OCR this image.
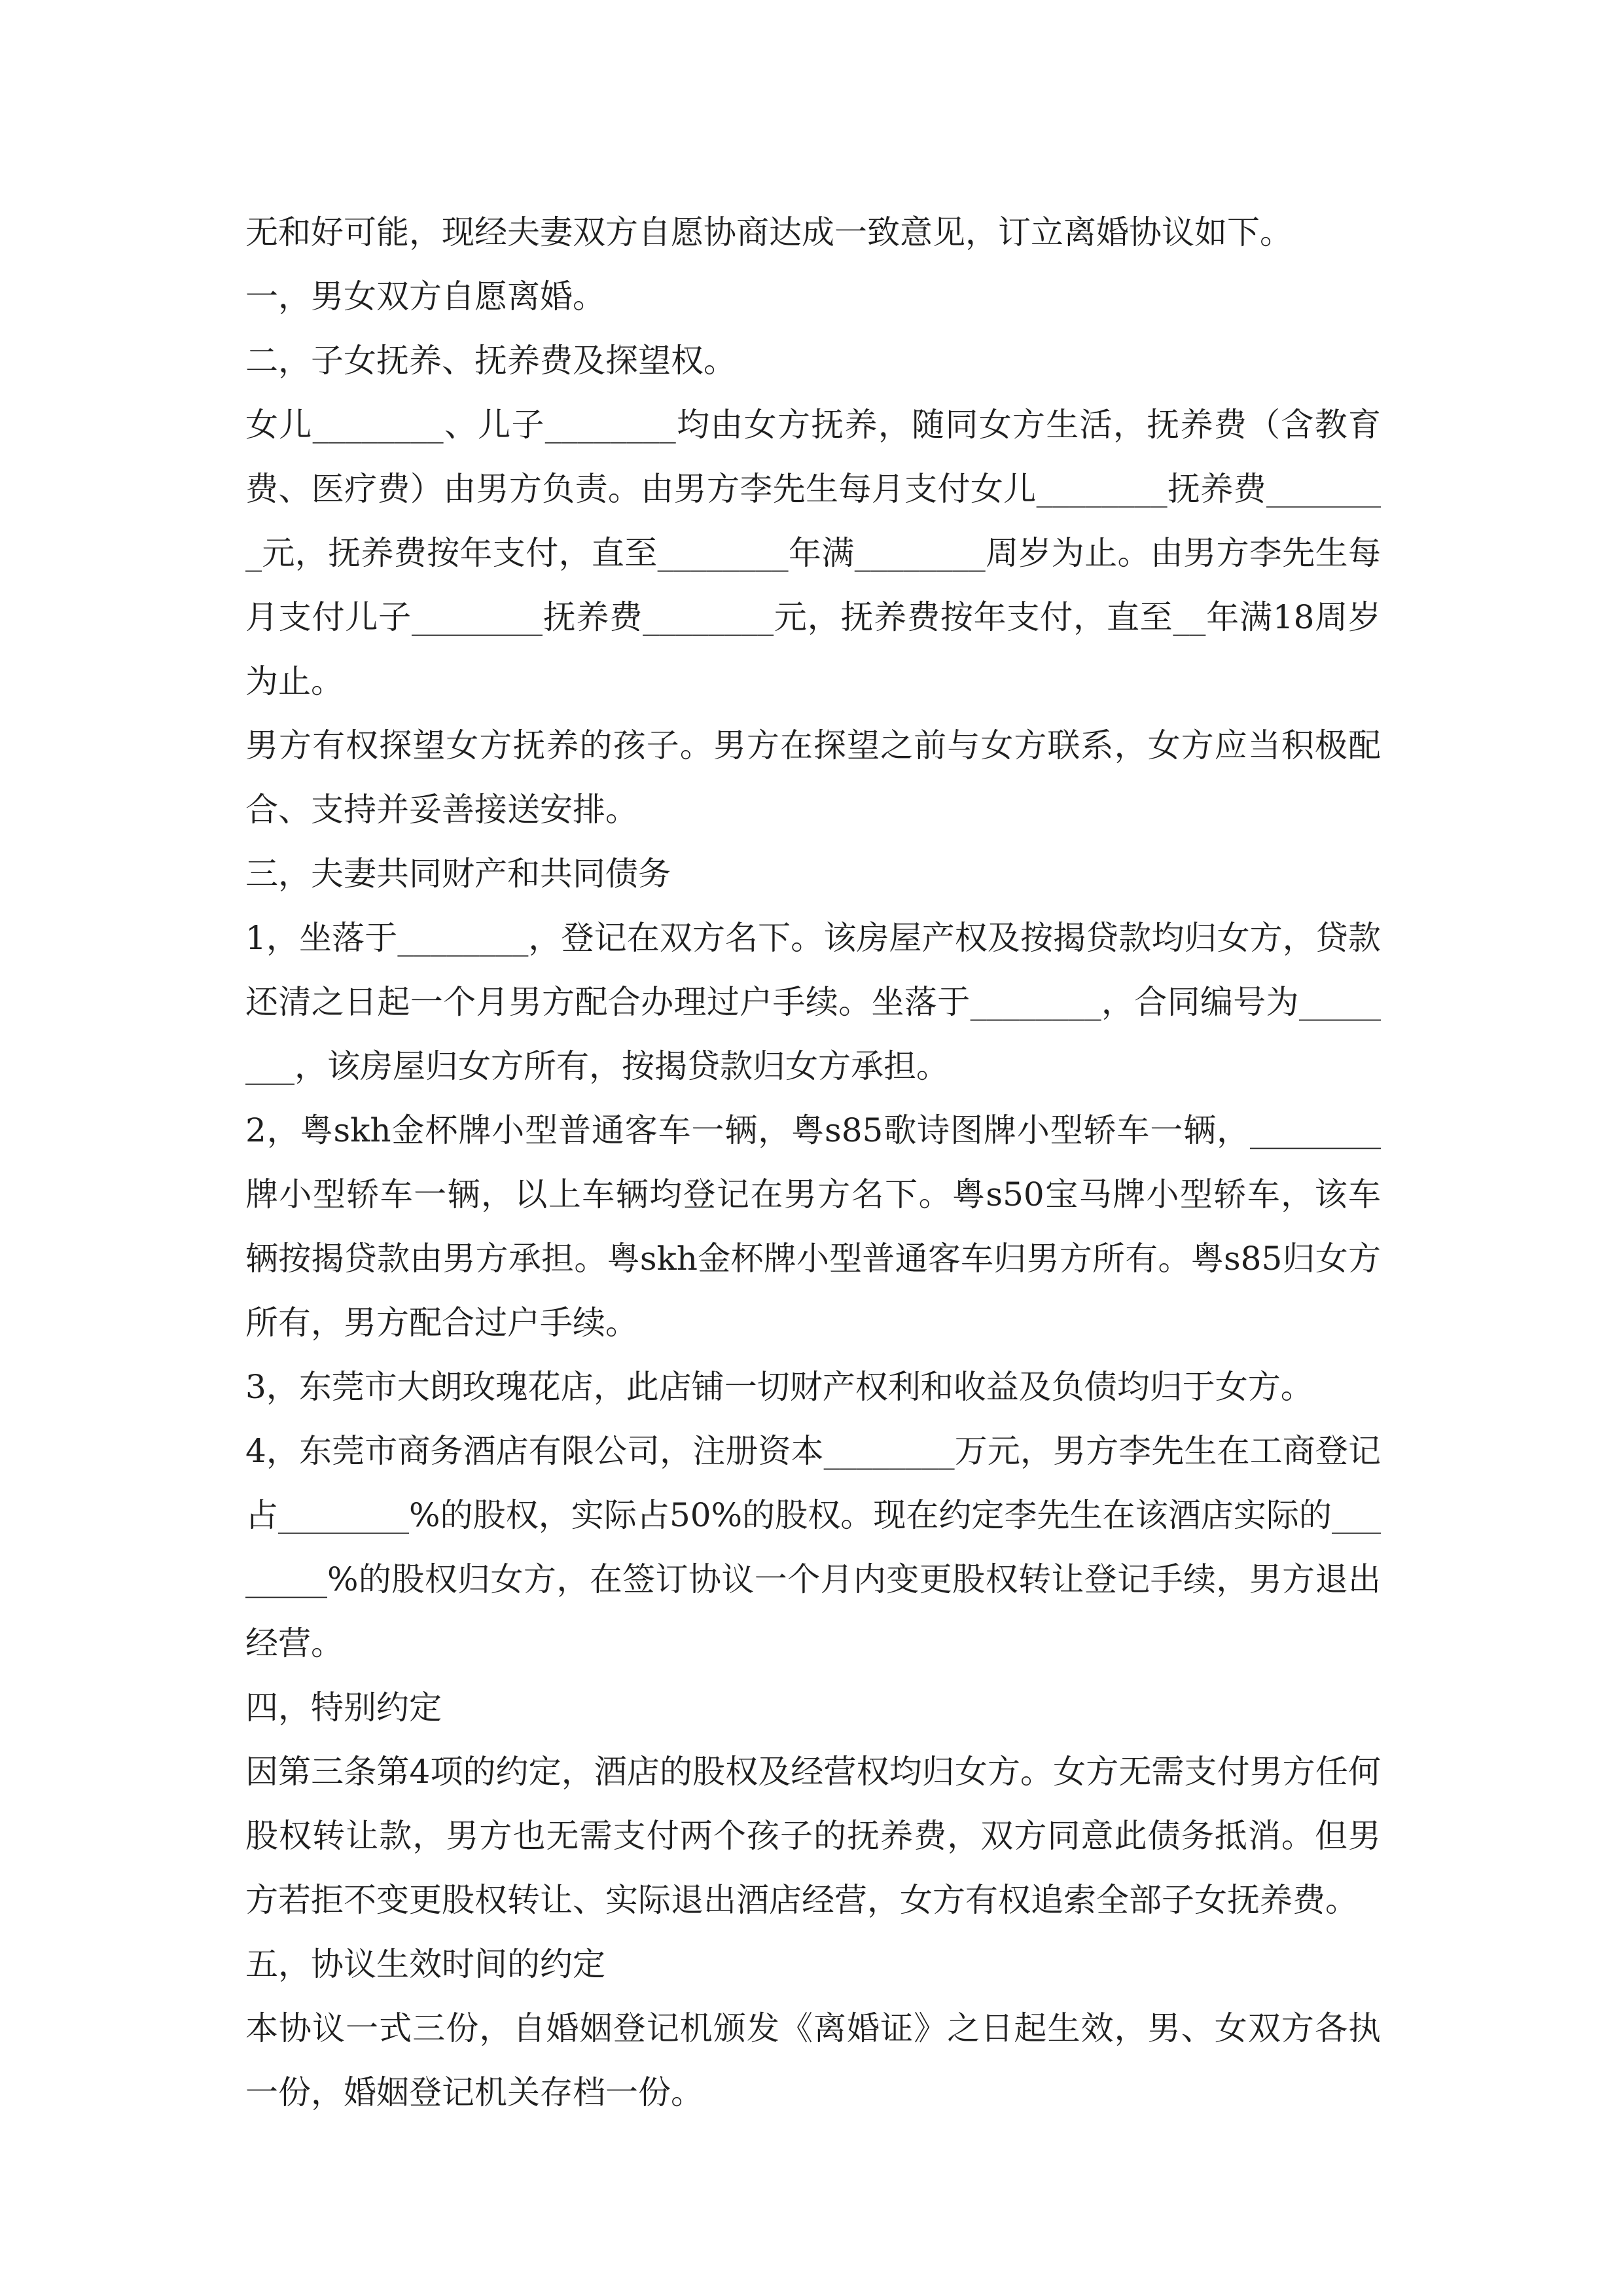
无和好可能，现经夫妻双方自愿协商达成一致意见，订立离婚协议如下。

一，男女双方自愿离婚。

二，子女抚养、抚养费及探望权。

女儿________、儿子________均由女方抚养，随同女方生活，抚养费（含教育费、医疗费）由男方负责。由男方李先生每月支付女儿________抚养费________元，抚养费按年支付，直至________年满________周岁为止。由男方李先生每月支付儿子________抚养费________元，抚养费按年支付，直至__年满18周岁为止。

男方有权探望女方抚养的孩子。男方在探望之前与女方联系，女方应当积极配合、支持并妥善接送安排。

三，夫妻共同财产和共同债务

1，坐落于________，登记在双方名下。该房屋产权及按揭贷款均归女方，贷款还清之日起一个月男方配合办理过户手续。坐落于________，合同编号为________，该房屋归女方所有，按揭贷款归女方承担。

2，粤skh金杯牌小型普通客车一辆，粤s85歌诗图牌小型轿车一辆，________牌小型轿车一辆，以上车辆均登记在男方名下。粤s50宝马牌小型轿车，该车辆按揭贷款由男方承担。粤skh金杯牌小型普通客车归男方所有。粤s85归女方所有，男方配合过户手续。

3，东莞市大朗玫瑰花店，此店铺一切财产权利和收益及负债均归于女方。

4，东莞市商务酒店有限公司，注册资本________万元，男方李先生在工商登记占________%的股权，实际占50%的股权。现在约定李先生在该酒店实际的________%的股权归女方，在签订协议一个月内变更股权转让登记手续，男方退出经营。

四，特别约定

因第三条第4项的约定，酒店的股权及经营权均归女方。女方无需支付男方任何股权转让款，男方也无需支付两个孩子的抚养费，双方同意此债务抵消。但男方若拒不变更股权转让、实际退出酒店经营，女方有权追索全部子女抚养费。

五，协议生效时间的约定

本协议一式三份，自婚姻登记机颁发《离婚证》之日起生效，男、女双方各执一份，婚姻登记机关存档一份。
